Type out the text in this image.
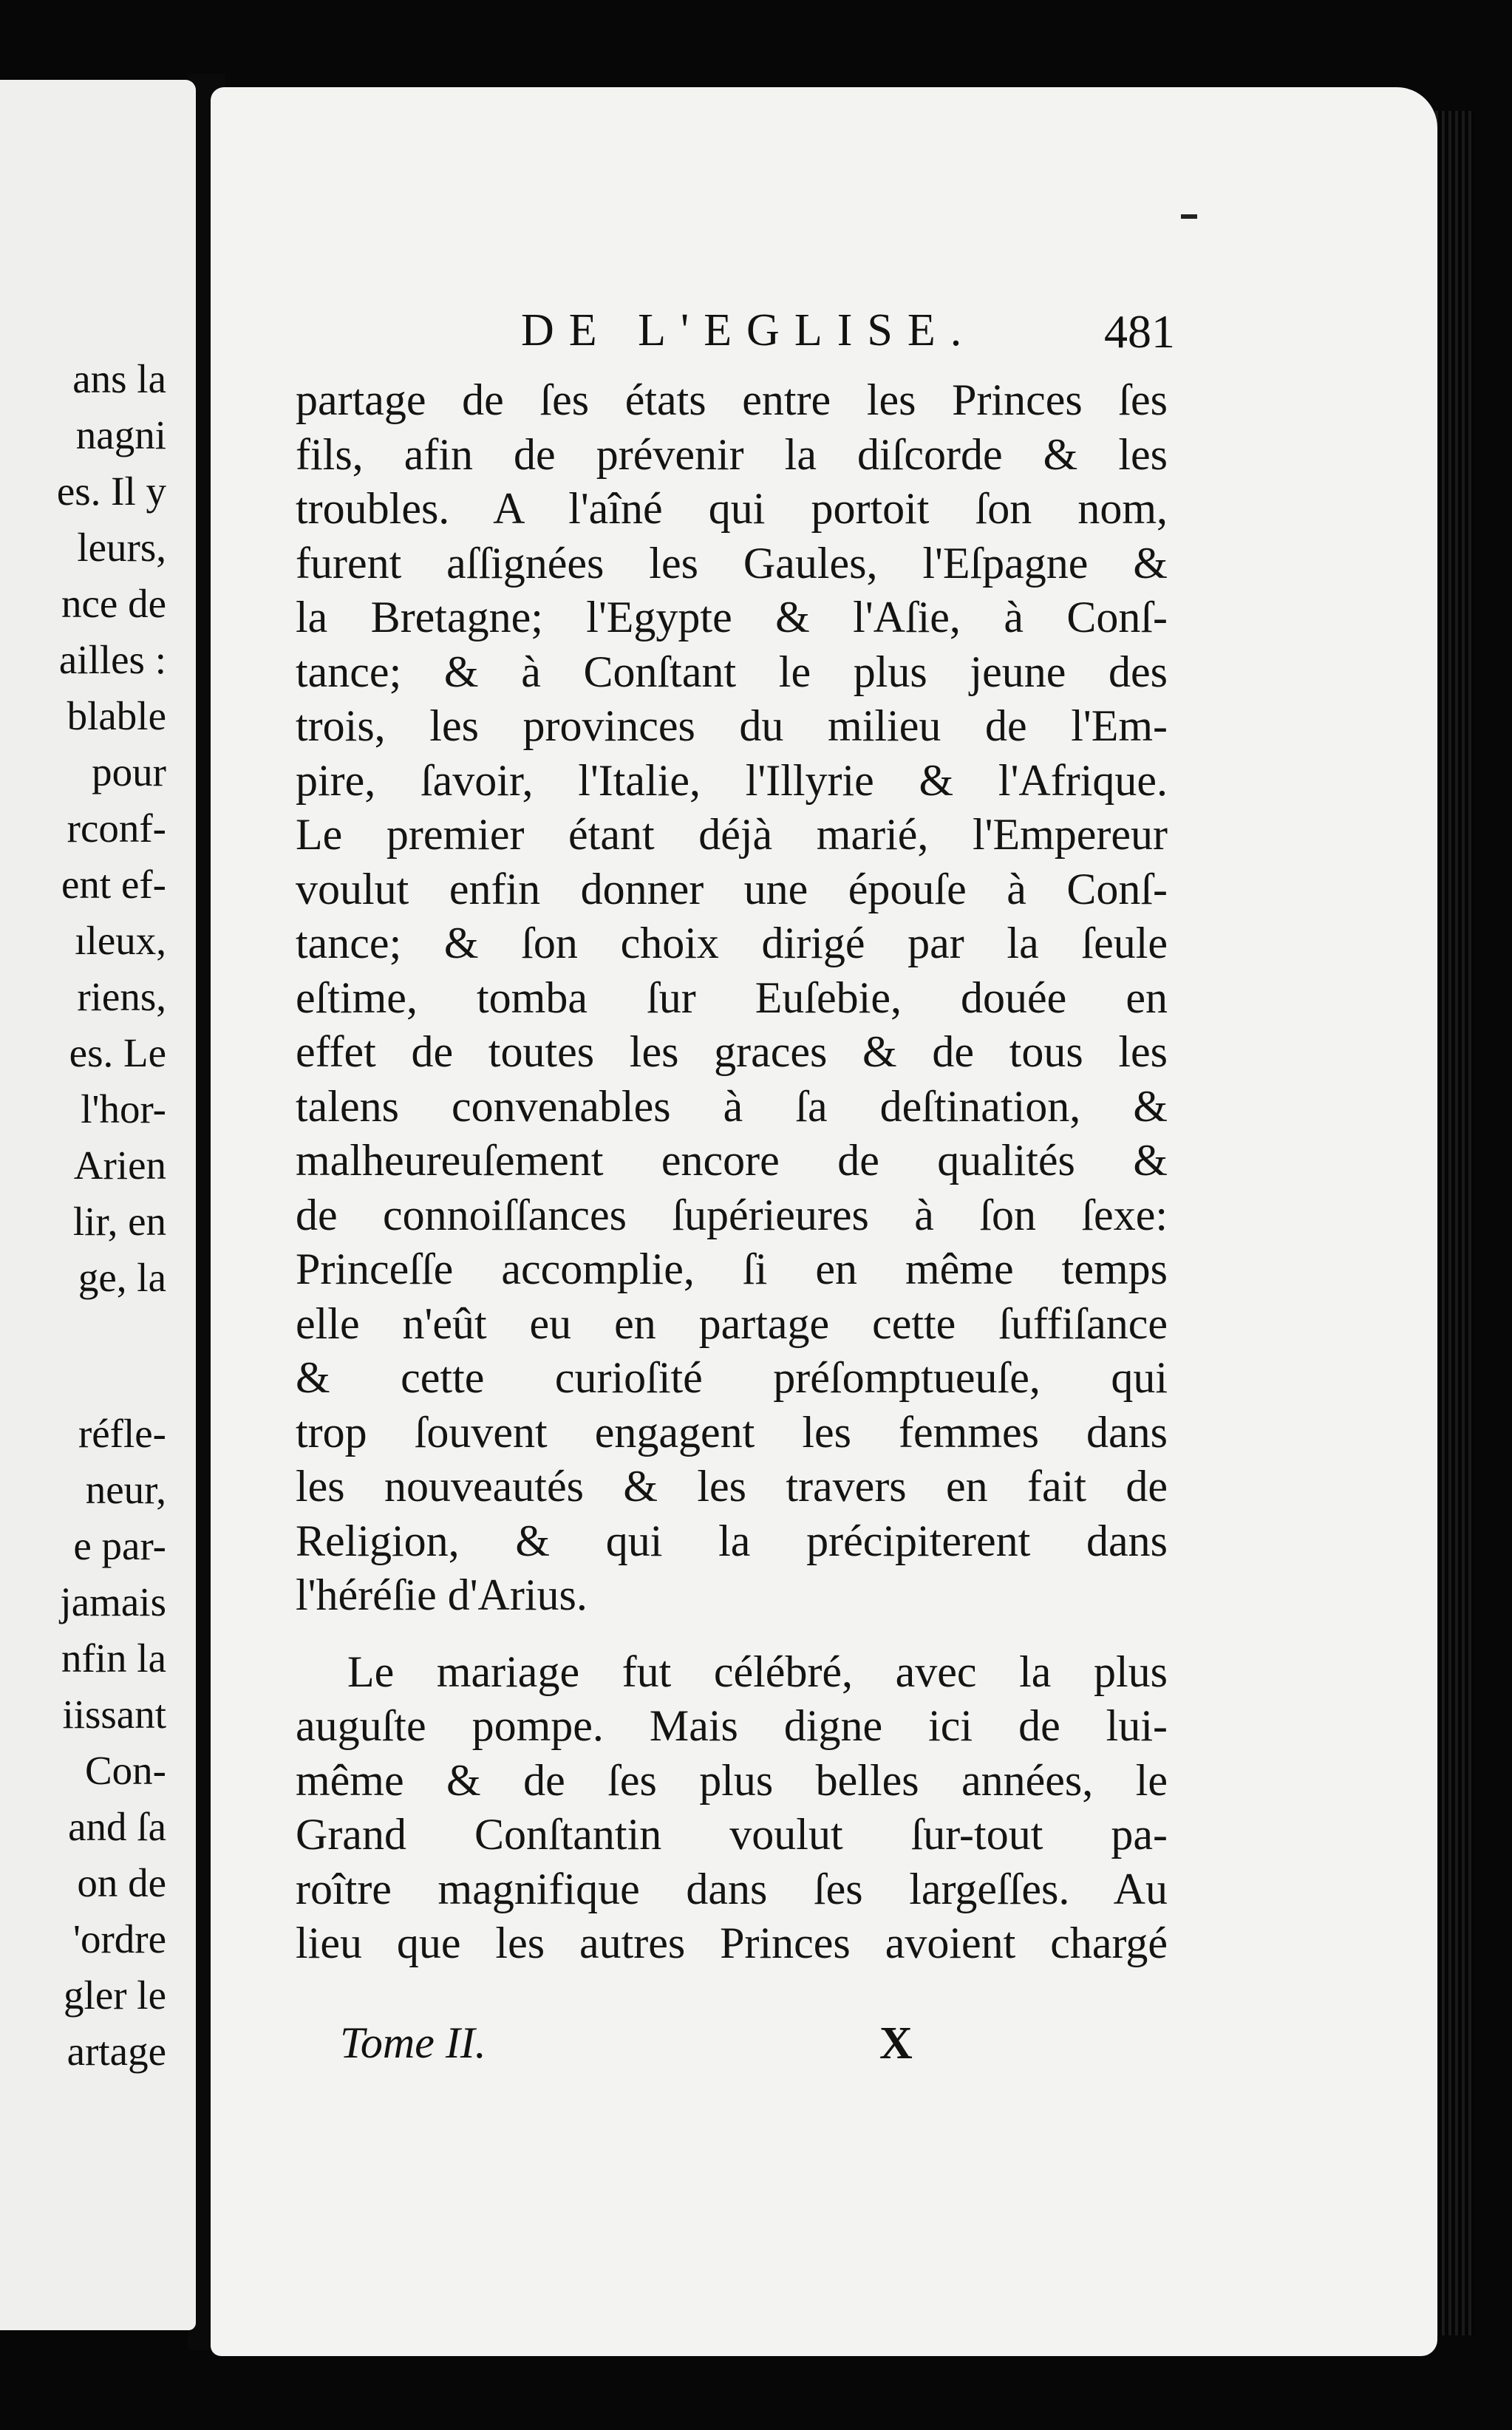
ans la
nagni
es. Il y
leurs,
nce de
ailles :
blable
pour
rconf-
ent ef-
ıleux,
riens,
es. Le
l'hor-
Arien
lir, en
ge, la
réfle-
neur,
e par-
jamais
nfin la
iissant
Con-
and ſa
on de
'ordre
gler le
artage
DE L'EGLISE.	481
partage de ſes états entre les Princes ſes
fils, afin de prévenir la diſcorde & les
troubles. A l'aîné qui portoit ſon nom,
furent aſſignées les Gaules, l'Eſpagne &
la Bretagne; l'Egypte & l'Aſie, à Conſ-
tance; & à Conſtant le plus jeune des
trois, les provinces du milieu de l'Em-
pire, ſavoir, l'Italie, l'Illyrie & l'Afrique.
Le premier étant déjà marié, l'Empereur
voulut enfin donner une épouſe à Conſ-
tance; & ſon choix dirigé par la ſeule
eſtime, tomba ſur Euſebie, douée en
effet de toutes les graces & de tous les
talens convenables à ſa deſtination, &
malheureuſement encore de qualités &
de connoiſſances ſupérieures à ſon ſexe:
Princeſſe accomplie, ſi en même temps
elle n'eût eu en partage cette ſuffiſance
& cette curioſité préſomptueuſe, qui
trop ſouvent engagent les femmes dans
les nouveautés & les travers en fait de
Religion, & qui la précipiterent dans
l'héréſie d'Arius.
Le mariage fut célébré, avec la plus
auguſte pompe. Mais digne ici de lui-
même & de ſes plus belles années, le
Grand Conſtantin voulut ſur-tout pa-
roître magnifique dans ſes largeſſes. Au
lieu que les autres Princes avoient chargé
Tome II.	X
